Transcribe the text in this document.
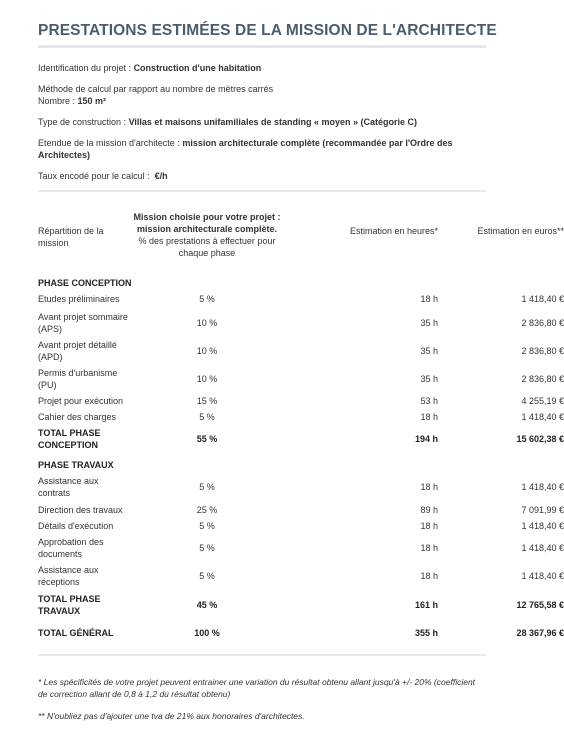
PRESTATIONS ESTIMÉES DE LA MISSION DE L'ARCHITECTE

Identification du projet : Construction d'une habitation

Méthode de calcul par rapport au nombre de mètres carrés

Nombre : 150 m²

Type de construction : Villas et maisons unifamiliales de standing « moyen » (Catégorie C)

Etendue de la mission d'architecte : mission architecturale complète (recommandée par l'Ordre des Architectes)

Taux encodé pour le calcul :  €/h

Répartition de la mission	Mission choisie pour votre projet : mission architecturale complète.
% des prestations à effectuer pour chaque phase	Estimation en heures*	Estimation en euros**
PHASE CONCEPTION			
Etudes préliminaires	5 %	18 h	1 418,40 €
Avant projet sommaire (APS)	10 %	35 h	2 836,80 €
Avant projet détaillé (APD)	10 %	35 h	2 836,80 €
Permis d'urbanisme (PU)	10 %	35 h	2 836,80 €
Projet pour exécution	15 %	53 h	4 255,19 €
Cahier des charges	5 %	18 h	1 418,40 €
TOTAL PHASE CONCEPTION	55 %	194 h	15 602,38 €
PHASE TRAVAUX			
Assistance aux contrats	5 %	18 h	1 418,40 €
Direction des travaux	25 %	89 h	7 091,99 €
Détails d'exécution	5 %	18 h	1 418,40 €
Approbation des documents	5 %	18 h	1 418,40 €
Assistance aux réceptions	5 %	18 h	1 418,40 €
TOTAL PHASE TRAVAUX	45 %	161 h	12 765,58 €
TOTAL GÉNÉRAL	100 %	355 h	28 367,96 €

* Les spécificités de votre projet peuvent entrainer une variation du résultat obtenu allant jusqu'à +/- 20% (coefficient de correction allant de 0,8 à 1,2 du résultat obtenu)

** N'oubliez pas d'ajouter une tva de 21% aux honoraires d'architectes.
